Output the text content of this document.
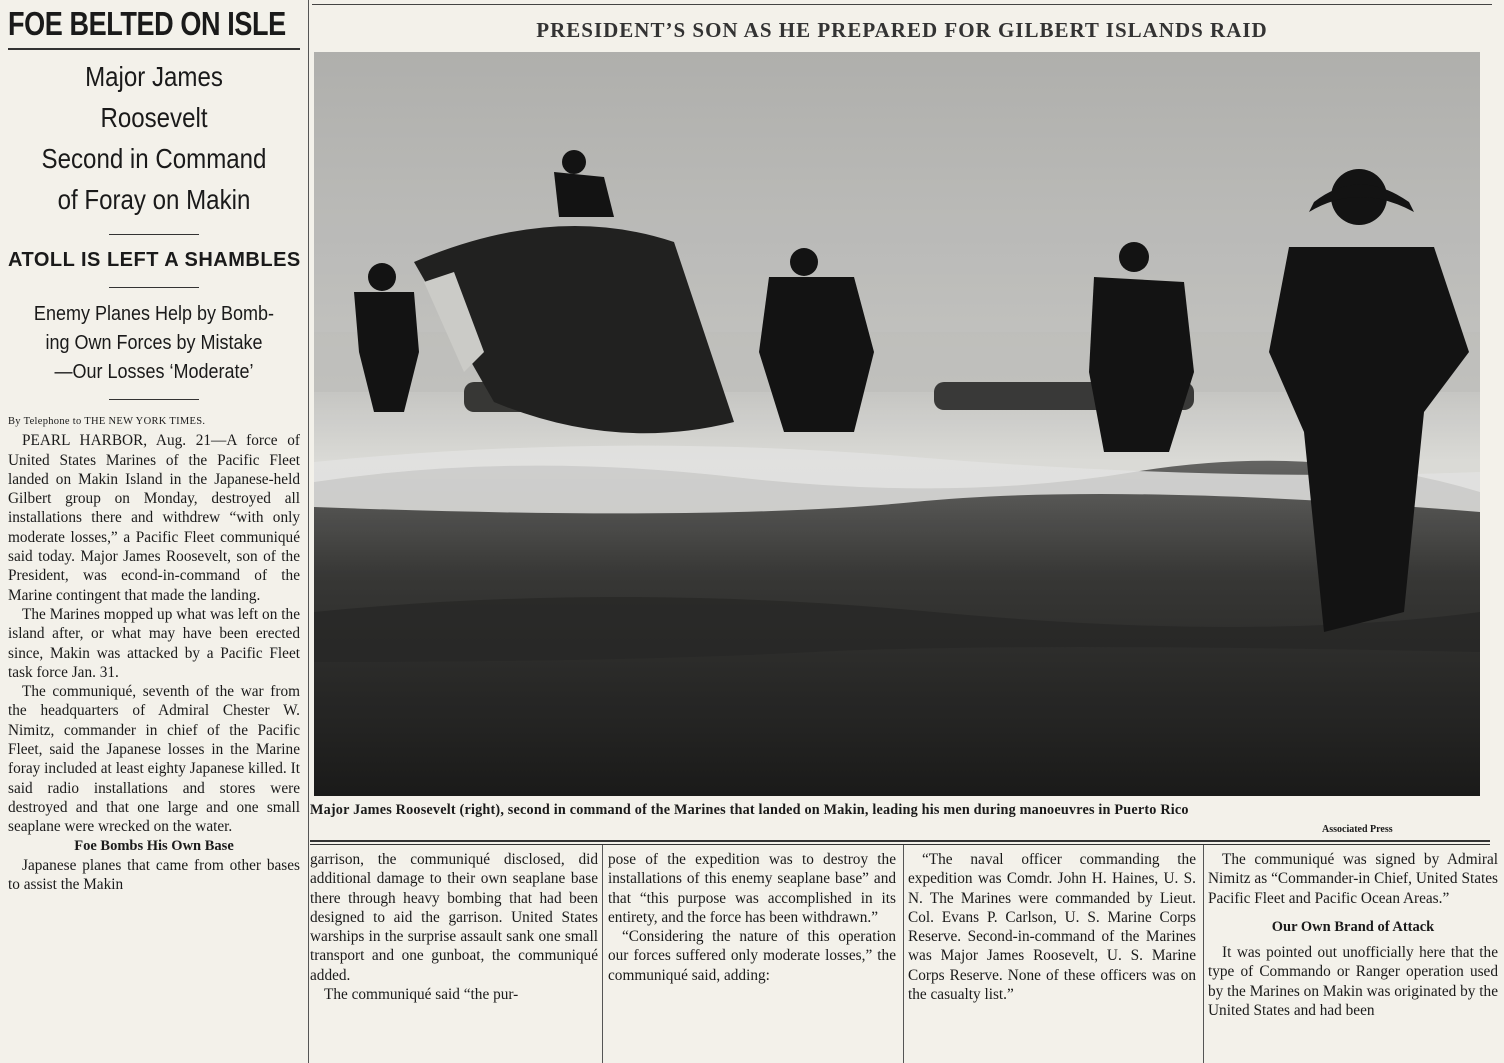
FOE BELTED ON ISLE
Major James Roosevelt
Second in Command
of Foray on Makin
ATOLL IS LEFT A SHAMBLES
Enemy Planes Help by Bomb-
ing Own Forces by Mistake
—Our Losses ‘Moderate’

By Telephone to THE NEW YORK TIMES.

PEARL HARBOR, Aug. 21—A force of United States Marines of the Pacific Fleet landed on Makin Island in the Japanese-held Gilbert group on Monday, destroyed all installations there and withdrew “with only moderate losses,” a Pacific Fleet communiqué said today. Major James Roosevelt, son of the President, was econd-in-command of the Marine contingent that made the landing.

The Marines mopped up what was left on the island after, or what may have been erected since, Makin was attacked by a Pacific Fleet task force Jan. 31.

The communiqué, seventh of the war from the headquarters of Admiral Chester W. Nimitz, commander in chief of the Pacific Fleet, said the Japanese losses in the Marine foray included at least eighty Japanese killed. It said radio installations and stores were destroyed and that one large and one small seaplane were wrecked on the water.

Foe Bombs His Own Base

Japanese planes that came from other bases to assist the Makin

PRESIDENT’S SON AS HE PREPARED FOR GILBERT ISLANDS RAID
Major James Roosevelt (right), second in command of the Marines that landed on Makin, leading his men during manoeuvres in Puerto Rico
Associated Press

garrison, the communiqué disclosed, did additional damage to their own seaplane base there through heavy bombing that had been designed to aid the garrison. United States warships in the surprise assault sank one small transport and one gunboat, the communiqué added.

The communiqué said “the pur-

pose of the expedition was to destroy the installations of this enemy seaplane base” and that “this purpose was accomplished in its entirety, and the force has been withdrawn.”

“Considering the nature of this operation our forces suffered only moderate losses,” the communiqué said, adding:

“The naval officer commanding the expedition was Comdr. John H. Haines, U. S. N. The Marines were commanded by Lieut. Col. Evans P. Carlson, U. S. Marine Corps Reserve. Second-in-command of the Marines was Major James Roosevelt, U. S. Marine Corps Reserve. None of these officers was on the casualty list.”

The communiqué was signed by Admiral Nimitz as “Commander-in Chief, United States Pacific Fleet and Pacific Ocean Areas.”

Our Own Brand of Attack

It was pointed out unofficially here that the type of Commando or Ranger operation used by the Marines on Makin was originated by the United States and had been
